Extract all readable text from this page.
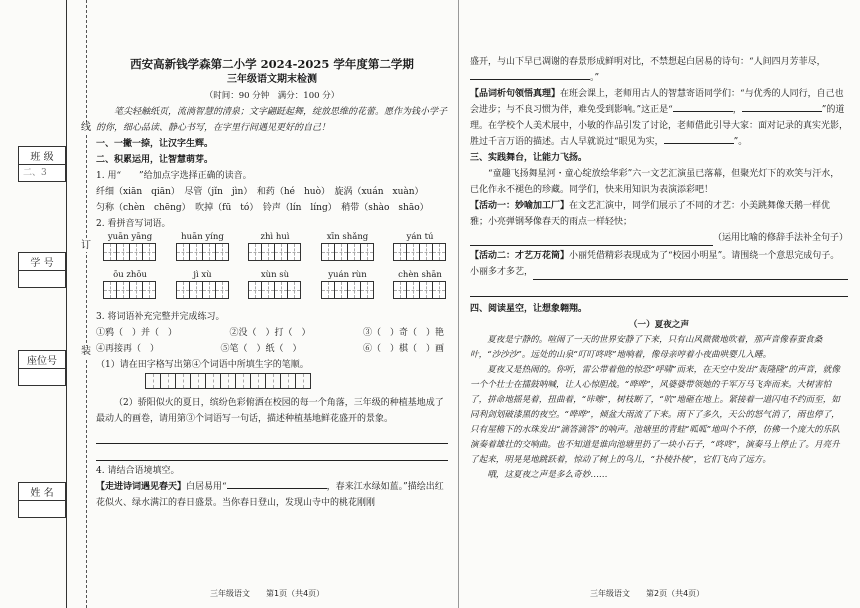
班 级
二、3
学 号
座位号
姓 名
线
订
装
西安高新钱学森第二小学 2024-2025 学年度第二学期
三年级语文期末检测
（时间：90 分钟　满分：100 分）

笔尖轻触纸页，流淌智慧的清泉；文字翩跹起舞，绽放思维的花蕾。愿作为钱小学子的你，细心品读、静心书写，在字里行间遇见更好的自己！

一、一撇一捺，让汉字生辉。
二、积累运用，让智慧萌芽。
1. 用“　　”给加点字选择正确的读音。
纤细（xiān　qiān）　尽管（jǐn　jìn）　和药（hé　huò）　旋涡（xuán　xuàn）
匀称（chèn　chēng）　吹掉（fū　tó）　铃声（lín　líng）　稍带（shào　shāo）
2. 看拼音写词语。
yuān yāng	huān yíng	zhì huì	xīn shǎng	yán tú
ōu zhōu	jì xù	xùn sù	yuán rùn	chèn shān
3. 将词语补充完整并完成练习。
①鸦（　）并（　）	②没（　）打（　）	③（　）奇（　）艳
④再接再（　）	⑤笔（　）纸（　）	⑥（　）棋（　）画
（1）请在田字格写出第④个词语中所填生字的笔顺。

（2）骄阳似火的夏日，缤纷色彩俯洒在校园的每一个角落，三年级的种植基地成了最动人的画卷，请用第③个词语写一句话，描述种植基地鲜花盛开的景象。

4. 请结合语境填空。

【走进诗词遇见春天】白居易用“	，春来江水绿如蓝。”描绘出红花似火、绿水满江的春日盛景。当你春日登山，发现山寺中的桃花刚刚

三年级语文　　第1页（共4页）

盛开，与山下早已凋谢的春景形成鲜明对比，不禁想起白居易的诗句：“人间四月芳菲尽，。”

【品词析句领悟真理】在班会课上，老师用古人的智慧寄语同学们：“与优秀的人同行，自己也会进步；与不良习惯为伴，难免受到影响。”这正是“	，	”的道理。在学校个人美术展中，小敏的作品引发了讨论，老师借此引导大家：面对记录的真实光影，胜过千言万语的描述。古人早就说过“眼见为实，	”。

三、实践舞台，让能力飞扬。

“童趣飞扬舞星河・童心绽放绘华彩”六一文艺汇演虽已落幕，但聚光灯下的欢笑与汗水，已化作永不褪色的珍藏。同学们，快来用知识为表演添彩吧！

【活动一：妙喻加工厂】在文艺汇演中，同学们展示了不同的才艺：小美跳舞像天鹅一样优雅；小亮弹钢琴像春天的雨点一样轻快；

（运用比喻的修辞手法补全句子）

【活动二：才艺万花筒】小丽凭借精彩表现成为了“校园小明星”。请围绕一个意思完成句子。

小丽多才多艺，
四、阅读星空，让想象翱翔。
（一）夏夜之声

夏夜是宁静的。喧闹了一天的世界安静了下来，只有山风微微地吹着，那声音像春蚕食桑叶，“沙沙沙”。远处的山泉“叮叮咚咚”地响着，像母亲哼着小夜曲哄婴儿入睡。

夏夜又是热闹的。你听，雷公带着他的惊恐“呼啸”而来，在天空中发出“轰隆隆”的声音，就像一个个壮士在擂鼓呐喊，让人心惊胆战。“哗哗”，风婆婆带领她的千军万马飞奔而来。大树害怕了，拼命地摇晃着，扭曲着，“咔嚓”，树枝断了，“吭”地砸在地上。紧接着一道闪电不约而至，如同利剑划破漆黑的夜空。“哗哗”，倾盆大雨流了下来。雨下了多久，天公的怒气消了，雨也停了，只有屋檐下的水珠发出“滴答滴答”的响声。池塘里的青蛙“呱呱”地叫个不停，仿佛一个庞大的乐队演奏着雄壮的交响曲。也不知道是谁向池塘里扔了一块小石子，“咚咚”，演奏马上停止了。月亮升了起来，明晃晃地跳跃着，惊动了树上的鸟儿，“扑棱扑棱”，它们飞向了远方。

哦，这夏夜之声是多么奇妙……

三年级语文　　第2页（共4页）
